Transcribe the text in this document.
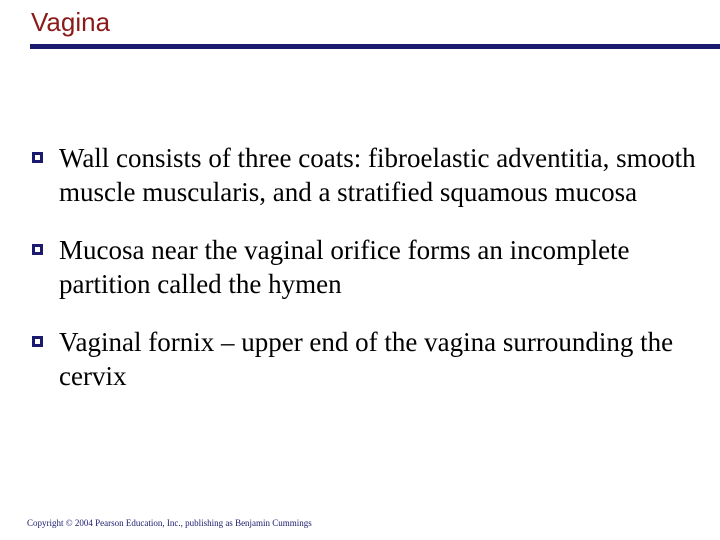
Vagina
Wall consists of three coats: fibroelastic adventitia, smooth muscle muscularis, and a stratified squamous mucosa
Mucosa near the vaginal orifice forms an incomplete partition called the hymen
Vaginal fornix – upper end of the vagina surrounding the cervix
Copyright © 2004 Pearson Education, Inc., publishing as Benjamin Cummings
